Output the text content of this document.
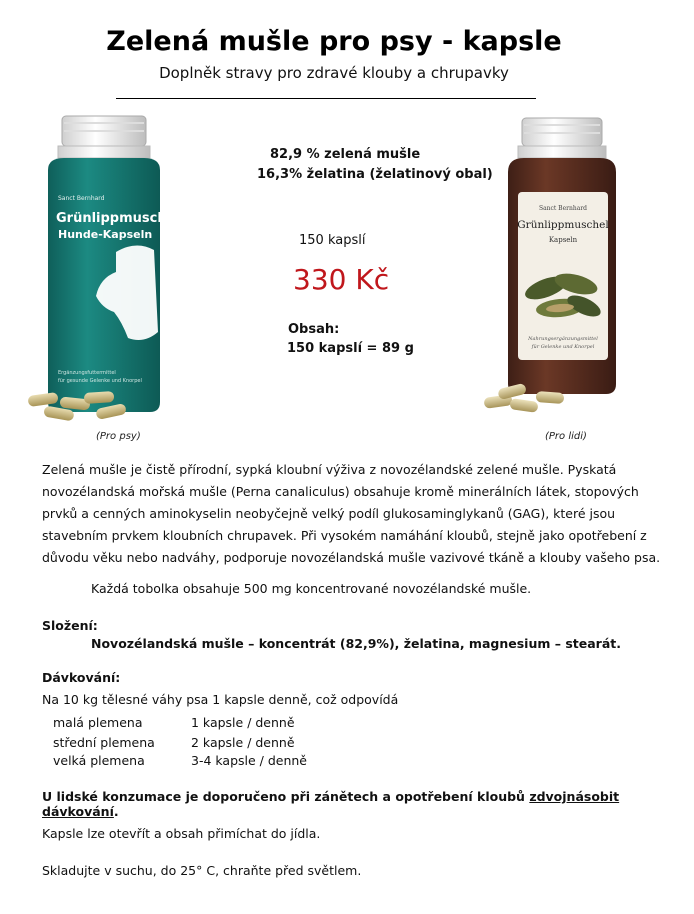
Zelená mušle pro psy - kapsle
Doplněk stravy pro zdravé klouby a chrupavky
Sanct Bernhard
Grünlippmuschel
Hunde-Kapseln
Ergänzungsfuttermittel
für gesunde Gelenke und Knorpel
(Pro psy)
Sanct Bernhard
Grünlippmuschel
Kapseln
Nahrungsergänzungsmittel
für Gelenke und Knorpel
(Pro lidi)
82,9 % zelená mušle
16,3% želatina (želatinový obal)
150 kapslí
330 Kč
Obsah:
150 kapslí = 89 g
Zelená mušle je čistě přírodní, sypká kloubní výživa z novozélandské zelené mušle. Pyskatá novozélandská mořská mušle (Perna canaliculus) obsahuje kromě minerálních látek, stopových prvků a cenných aminokyselin neobyčejně velký podíl glukosaminglykanů (GAG), které jsou stavebním prvkem kloubních chrupavek. Při vysokém namáhání kloubů, stejně jako opotřebení z důvodu věku nebo nadváhy, podporuje novozélandská mušle vazivové tkáně a klouby vašeho psa.
Každá tobolka obsahuje 500 mg koncentrované novozélandské mušle.
Složení:
Novozélandská mušle – koncentrát (82,9%), želatina, magnesium – stearát.
Dávkování:
Na 10 kg tělesné váhy psa 1 kapsle denně, což odpovídá
malá plemena	1 kapsle / denně
střední plemena	2 kapsle / denně
velká plemena	3-4 kapsle / denně
U lidské konzumace je doporučeno při zánětech a opotřebení kloubů zdvojnásobit dávkování.
Kapsle lze otevřít a obsah přimíchat do jídla.
Skladujte v suchu, do 25° C, chraňte před světlem.
